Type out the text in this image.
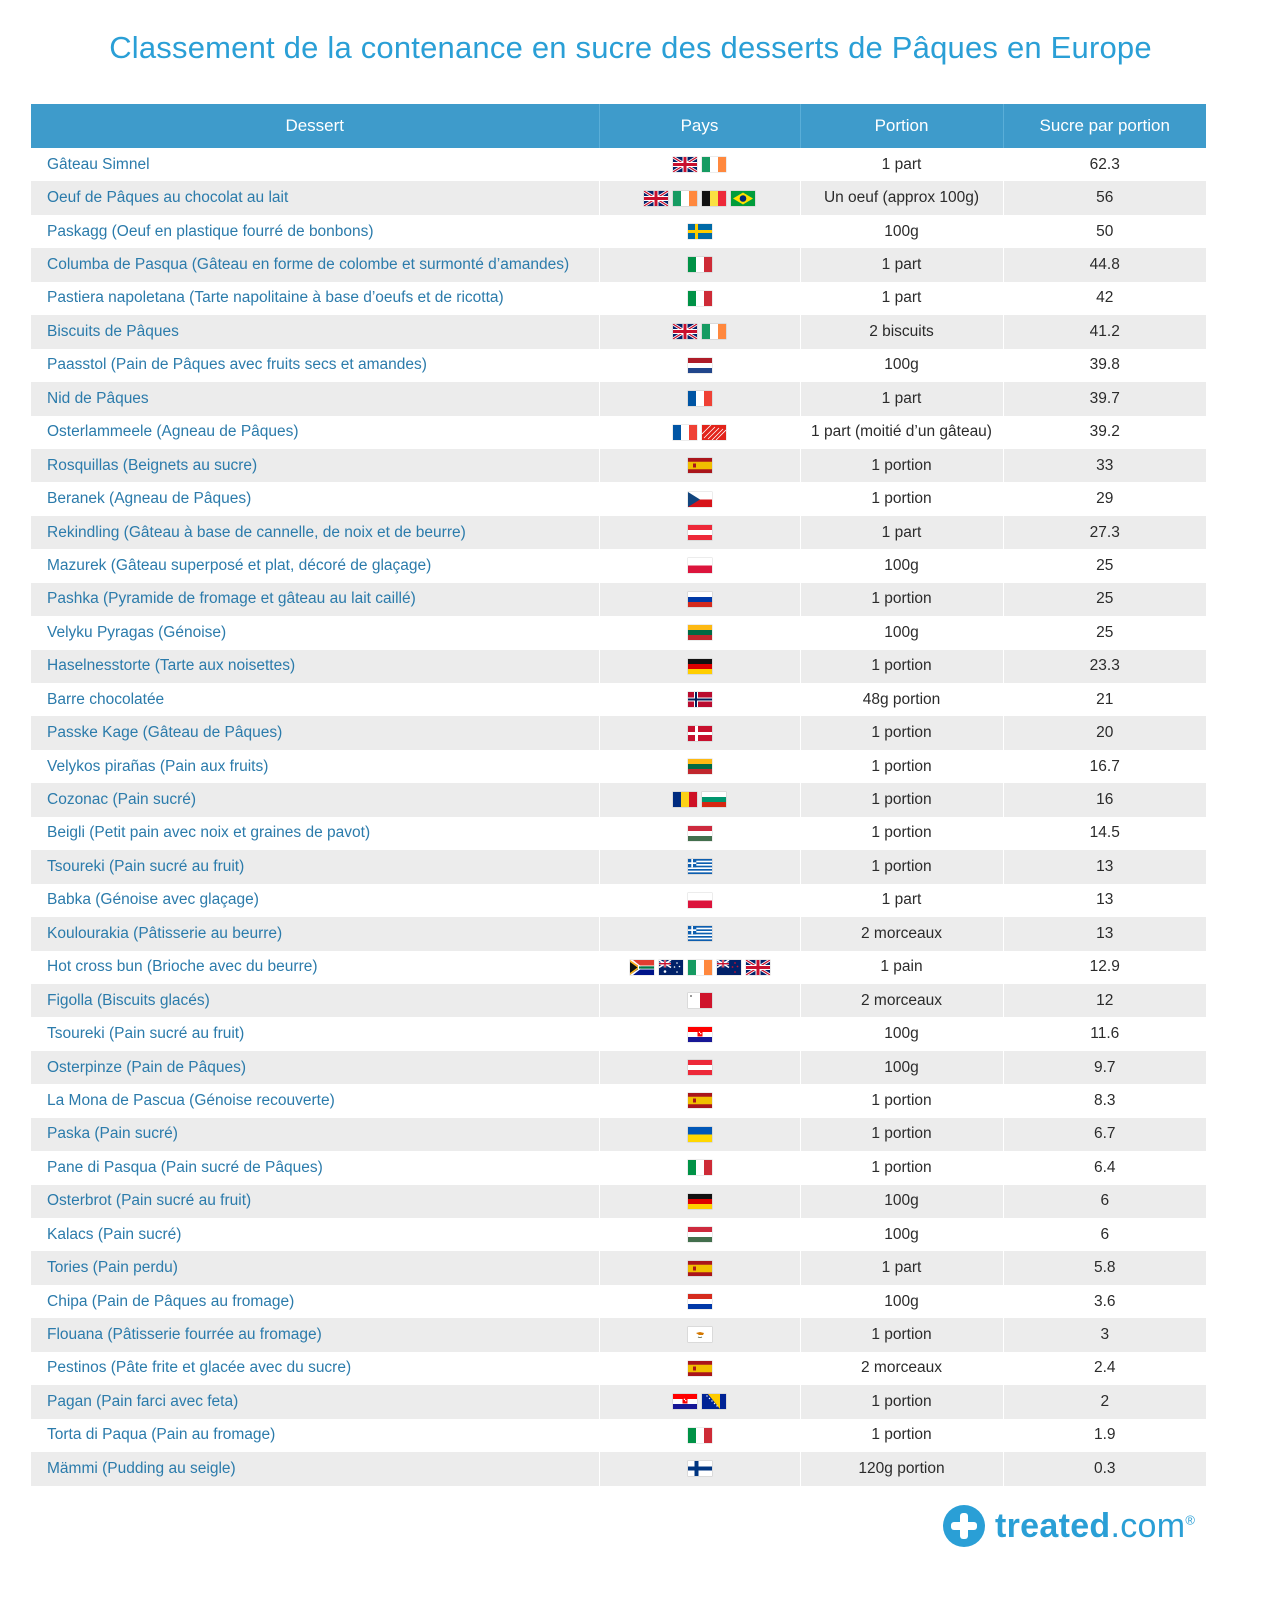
Classement de la contenance en sucre des desserts de Pâques en Europe
Dessert	Pays	Portion	Sucre par portion
Gâteau Simnel		1 part	62.3
Oeuf de Pâques au chocolat au lait		Un oeuf (approx 100g)	56
Paskagg (Oeuf en plastique fourré de bonbons)		100g	50
Columba de Pasqua (Gâteau en forme de colombe et surmonté d’amandes)		1 part	44.8
Pastiera napoletana (Tarte napolitaine à base d’oeufs et de ricotta)		1 part	42
Biscuits de Pâques		2 biscuits	41.2
Paasstol (Pain de Pâques avec fruits secs et amandes)		100g	39.8
Nid de Pâques		1 part	39.7
Osterlammeele (Agneau de Pâques)		1 part (moitié d’un gâteau)	39.2
Rosquillas (Beignets au sucre)		1 portion	33
Beranek (Agneau de Pâques)		1 portion	29
Rekindling (Gâteau à base de cannelle, de noix et de beurre)		1 part	27.3
Mazurek (Gâteau superposé et plat, décoré de glaçage)		100g	25
Pashka (Pyramide de fromage et gâteau au lait caillé)		1 portion	25
Velyku Pyragas (Génoise)		100g	25
Haselnesstorte (Tarte aux noisettes)		1 portion	23.3
Barre chocolatée		48g portion	21
Passke Kage (Gâteau de Pâques)		1 portion	20
Velykos pirañas (Pain aux fruits)		1 portion	16.7
Cozonac (Pain sucré)		1 portion	16
Beigli (Petit pain avec noix et graines de pavot)		1 portion	14.5
Tsoureki (Pain sucré au fruit)		1 portion	13
Babka (Génoise avec glaçage)		1 part	13
Koulourakia (Pâtisserie au beurre)		2 morceaux	13
Hot cross bun (Brioche avec du beurre)		1 pain	12.9
Figolla (Biscuits glacés)		2 morceaux	12
Tsoureki (Pain sucré au fruit)		100g	11.6
Osterpinze (Pain de Pâques)		100g	9.7
La Mona de Pascua (Génoise recouverte)		1 portion	8.3
Paska (Pain sucré)		1 portion	6.7
Pane di Pasqua (Pain sucré de Pâques)		1 portion	6.4
Osterbrot (Pain sucré au fruit)		100g	6
Kalacs (Pain sucré)		100g	6
Tories (Pain perdu)		1 part	5.8
Chipa (Pain de Pâques au fromage)		100g	3.6
Flouana (Pâtisserie fourrée au fromage)		1 portion	3
Pestinos (Pâte frite et glacée avec du sucre)		2 morceaux	2.4
Pagan (Pain farci avec feta)		1 portion	2
Torta di Paqua (Pain au fromage)		1 portion	1.9
Mämmi (Pudding au seigle)		120g portion	0.3
treated.com®
